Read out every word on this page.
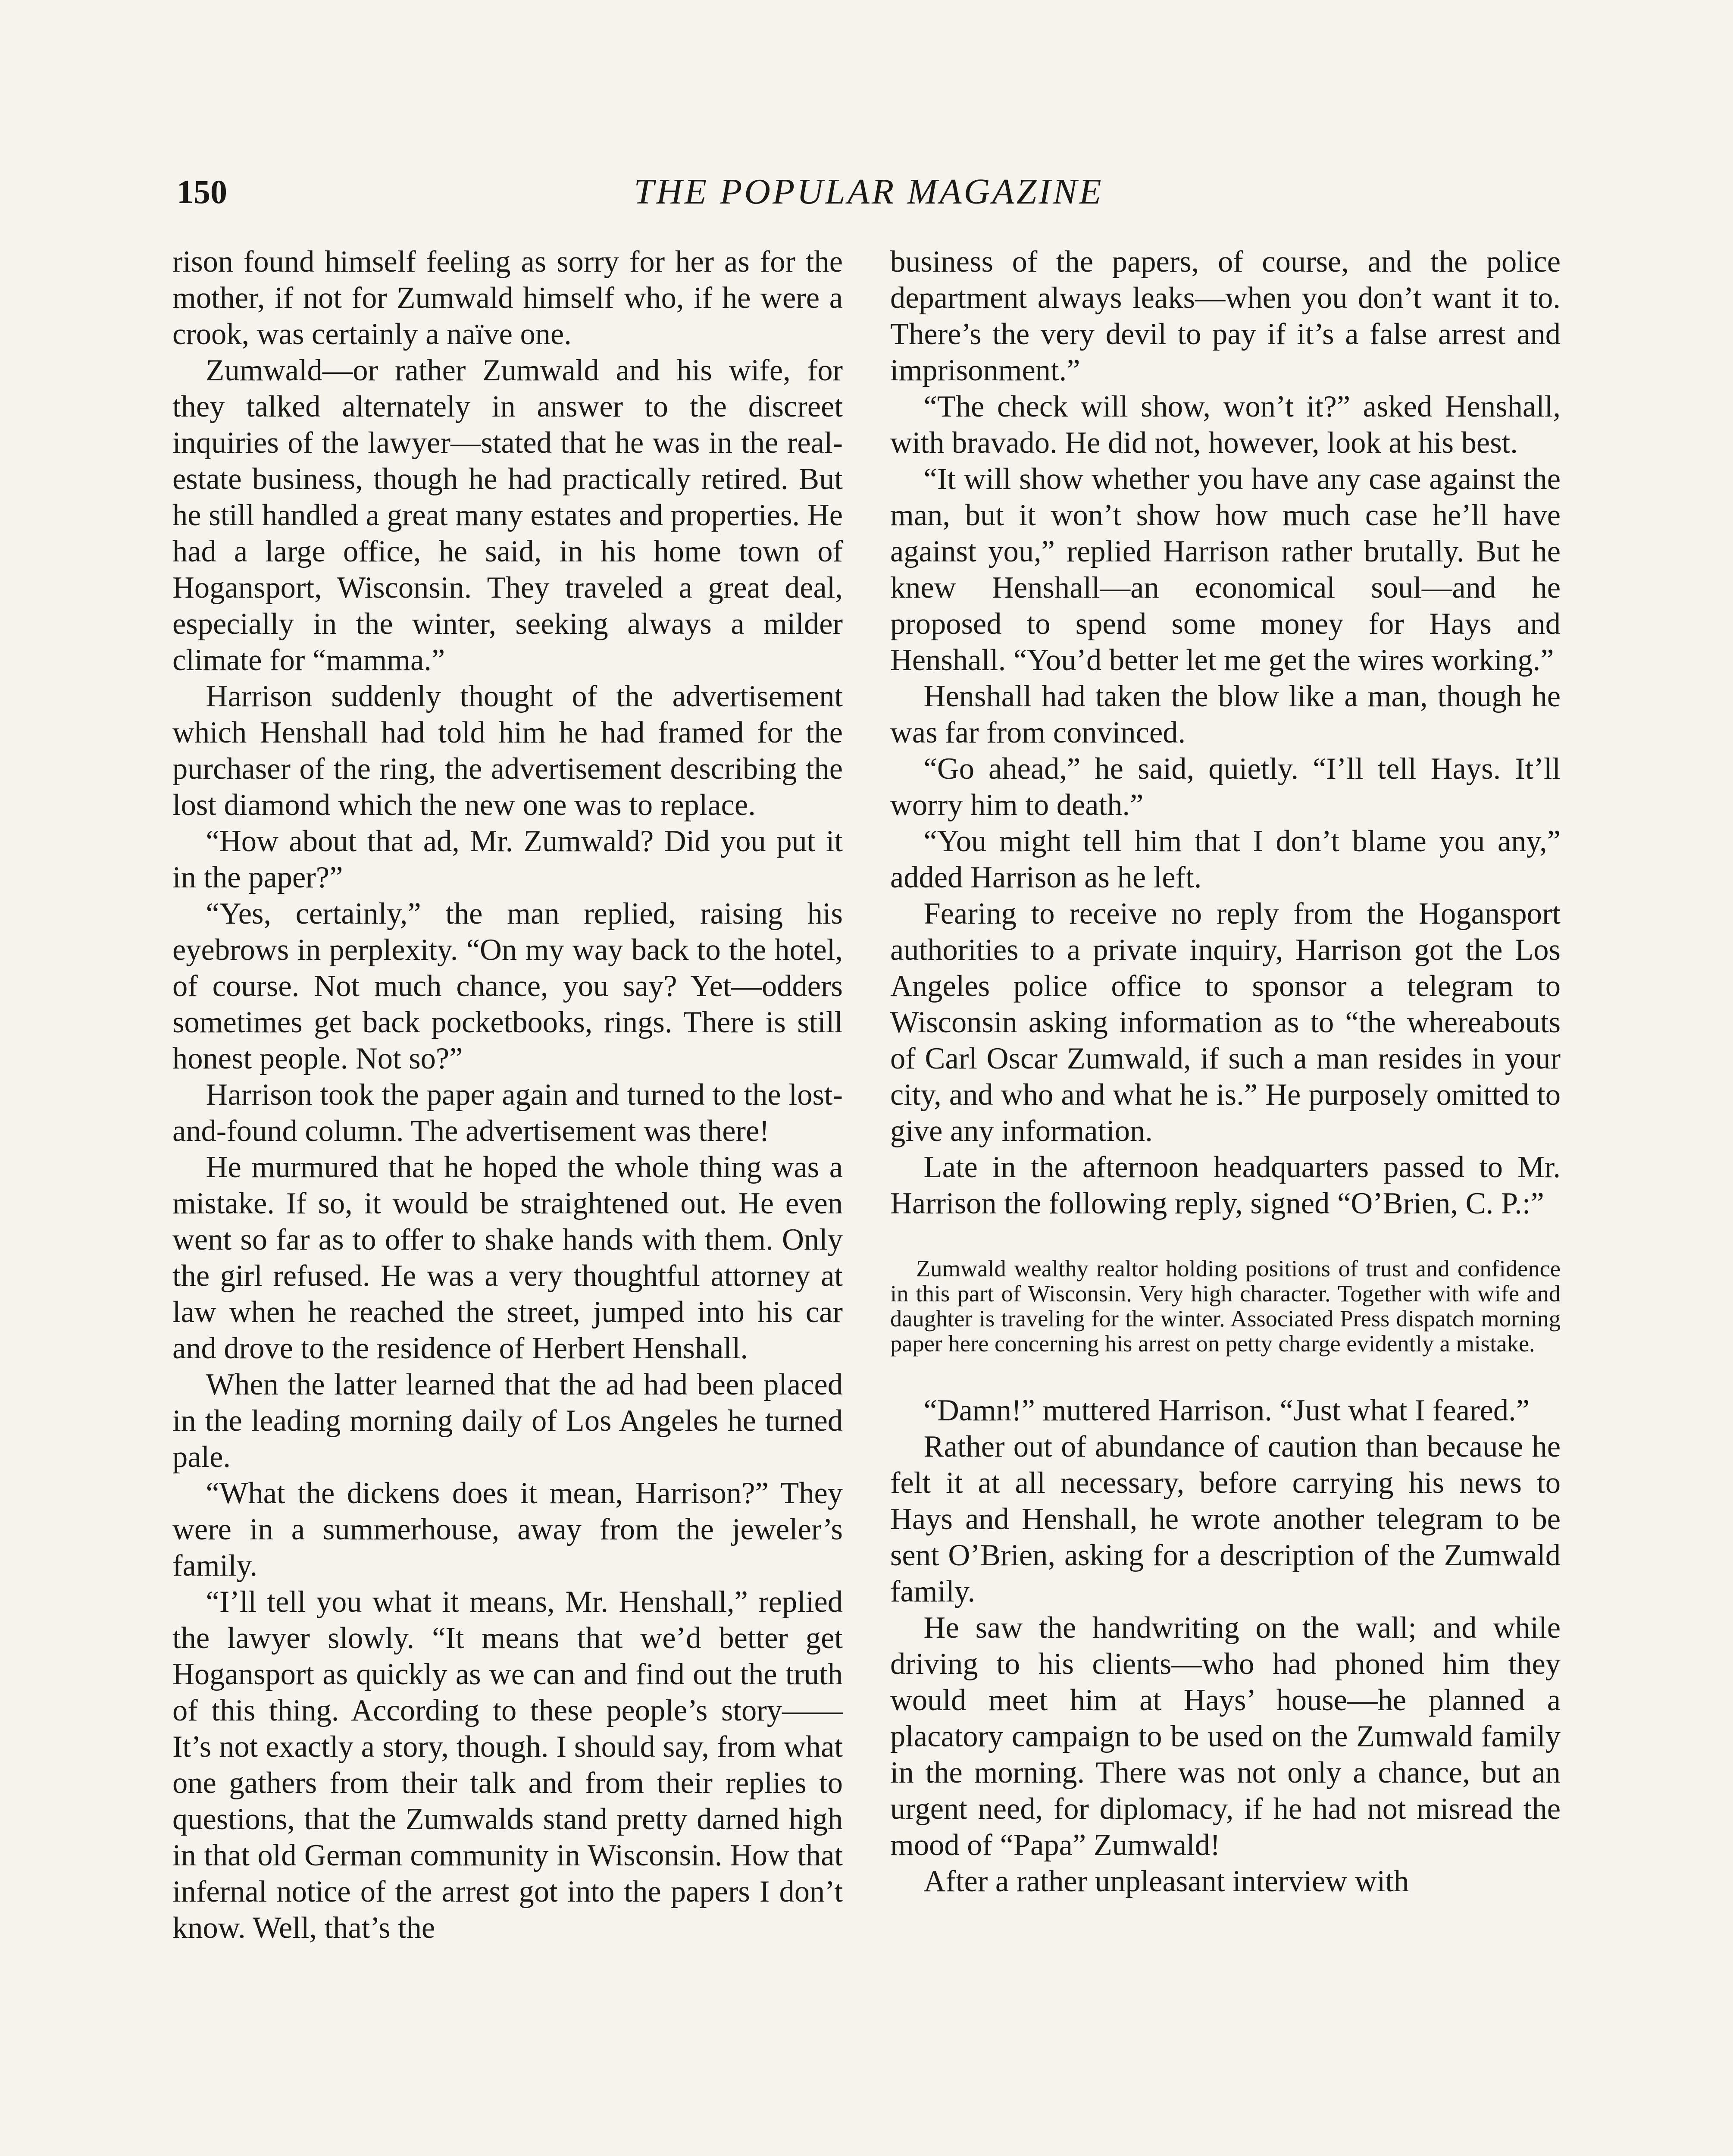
150	THE POPULAR MAGAZINE

rison found himself feeling as sorry for her as for the mother, if not for Zumwald himself who, if he were a crook, was certainly a naïve one.

Zumwald—or rather Zumwald and his wife, for they talked alternately in answer to the discreet inquiries of the lawyer—stated that he was in the real-estate business, though he had practically retired. But he still handled a great many estates and properties. He had a large office, he said, in his home town of Hogansport, Wisconsin. They traveled a great deal, especially in the winter, seeking always a milder climate for “mamma.”

Harrison suddenly thought of the advertisement which Henshall had told him he had framed for the purchaser of the ring, the advertisement describing the lost diamond which the new one was to replace.

“How about that ad, Mr. Zumwald? Did you put it in the paper?”

“Yes, certainly,” the man replied, raising his eyebrows in perplexity. “On my way back to the hotel, of course. Not much chance, you say? Yet—odders sometimes get back pocketbooks, rings. There is still honest people. Not so?”

Harrison took the paper again and turned to the lost-and-found column. The advertisement was there!

He murmured that he hoped the whole thing was a mistake. If so, it would be straightened out. He even went so far as to offer to shake hands with them. Only the girl refused. He was a very thoughtful attorney at law when he reached the street, jumped into his car and drove to the residence of Herbert Henshall.

When the latter learned that the ad had been placed in the leading morning daily of Los Angeles he turned pale.

“What the dickens does it mean, Harrison?” They were in a summerhouse, away from the jeweler’s family.

“I’ll tell you what it means, Mr. Henshall,” replied the lawyer slowly. “It means that we’d better get Hogansport as quickly as we can and find out the truth of this thing. According to these people’s story—— It’s not exactly a story, though. I should say, from what one gathers from their talk and from their replies to questions, that the Zumwalds stand pretty darned high in that old German community in Wisconsin. How that infernal notice of the arrest got into the papers I don’t know. Well, that’s the

business of the papers, of course, and the police department always leaks—when you don’t want it to. There’s the very devil to pay if it’s a false arrest and imprisonment.”

“The check will show, won’t it?” asked Henshall, with bravado. He did not, however, look at his best.

“It will show whether you have any case against the man, but it won’t show how much case he’ll have against you,” replied Harrison rather brutally. But he knew Henshall—an economical soul—and he proposed to spend some money for Hays and Henshall. “You’d better let me get the wires working.”

Henshall had taken the blow like a man, though he was far from convinced.

“Go ahead,” he said, quietly. “I’ll tell Hays. It’ll worry him to death.”

“You might tell him that I don’t blame you any,” added Harrison as he left.

Fearing to receive no reply from the Hogansport authorities to a private inquiry, Harrison got the Los Angeles police office to sponsor a telegram to Wisconsin asking information as to “the whereabouts of Carl Oscar Zumwald, if such a man resides in your city, and who and what he is.” He purposely omitted to give any information.

Late in the afternoon headquarters passed to Mr. Harrison the following reply, signed “O’Brien, C. P.:”

Zumwald wealthy realtor holding positions of trust and confidence in this part of Wisconsin. Very high character. Together with wife and daughter is traveling for the winter. Associated Press dispatch morning paper here concerning his arrest on petty charge evidently a mistake.

“Damn!” muttered Harrison. “Just what I feared.”

Rather out of abundance of caution than because he felt it at all necessary, before carrying his news to Hays and Henshall, he wrote another telegram to be sent O’Brien, asking for a description of the Zumwald family.

He saw the handwriting on the wall; and while driving to his clients—who had phoned him they would meet him at Hays’ house—he planned a placatory campaign to be used on the Zumwald family in the morning. There was not only a chance, but an urgent need, for diplomacy, if he had not misread the mood of “Papa” Zumwald!

After a rather unpleasant interview with
